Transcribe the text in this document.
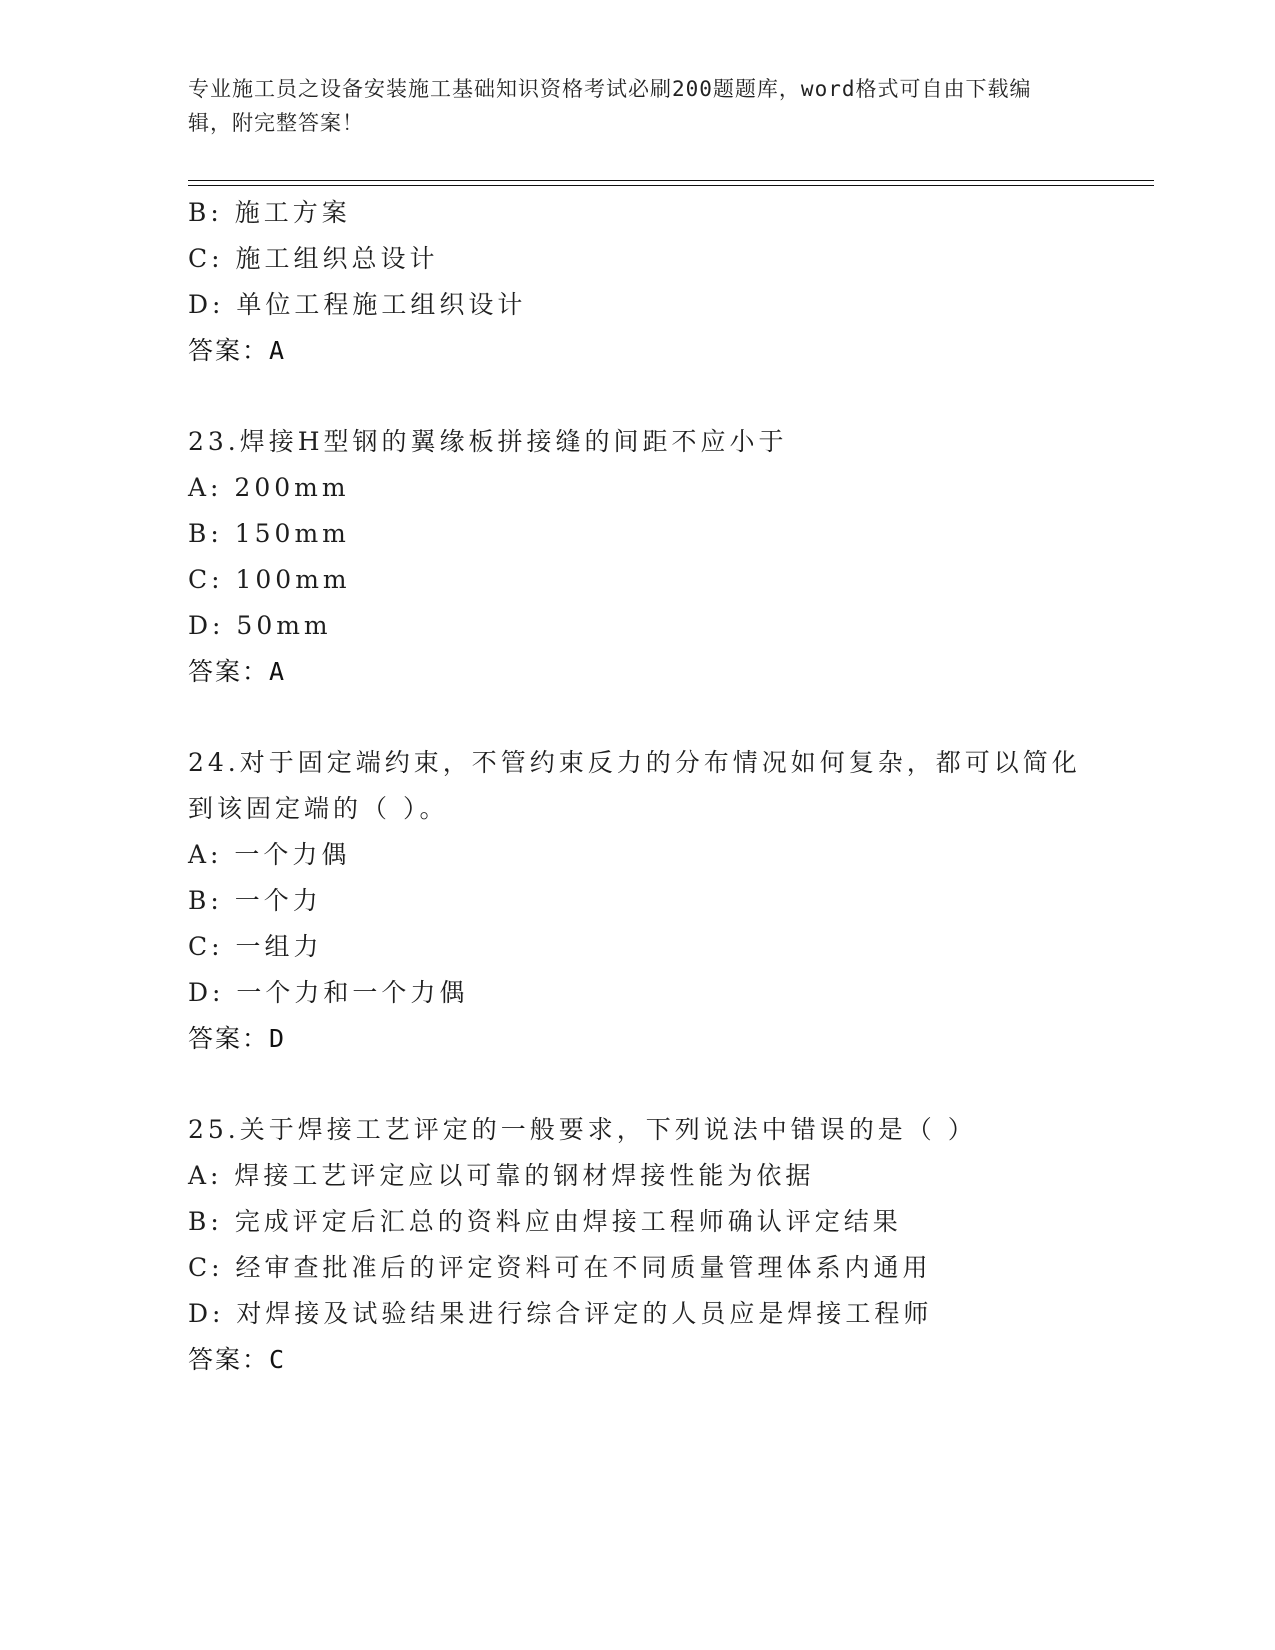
专业施工员之设备安装施工基础知识资格考试必刷200题题库，word格式可自由下载编辑，附完整答案！
B: 施工方案
C: 施工组织总设计
D: 单位工程施工组织设计
答案：A
23.焊接H型钢的翼缘板拼接缝的间距不应小于
A: 200mm
B: 150mm
C: 100mm
D: 50mm
答案：A
24.对于固定端约束，不管约束反力的分布情况如何复杂，都可以简化
到该固定端的（ ）。
A: 一个力偶
B: 一个力
C: 一组力
D: 一个力和一个力偶
答案：D
25.关于焊接工艺评定的一般要求，下列说法中错误的是（ ）
A: 焊接工艺评定应以可靠的钢材焊接性能为依据
B: 完成评定后汇总的资料应由焊接工程师确认评定结果
C: 经审查批准后的评定资料可在不同质量管理体系内通用
D: 对焊接及试验结果进行综合评定的人员应是焊接工程师
答案：C
